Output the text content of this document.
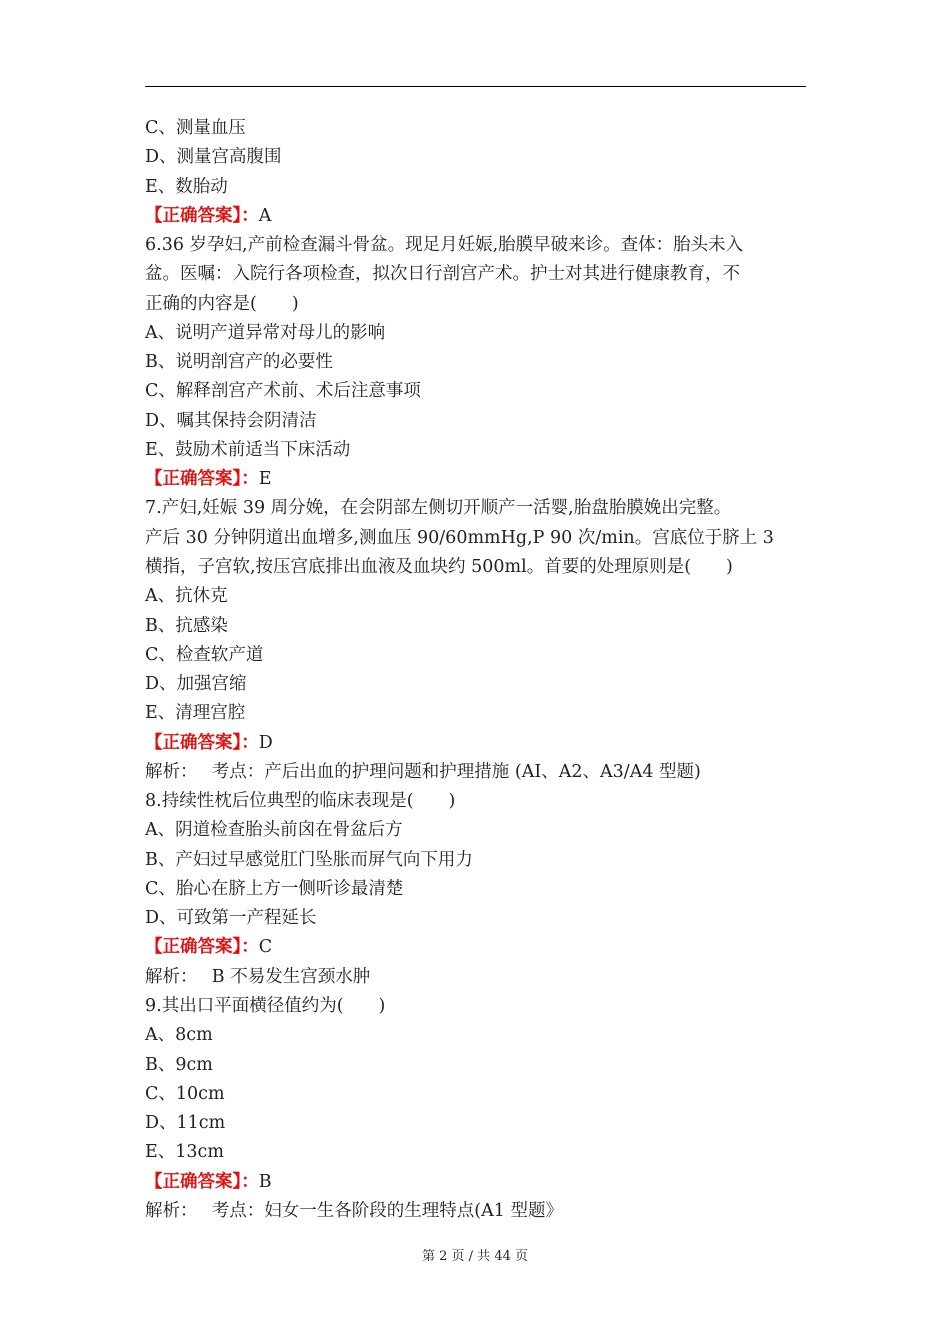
C、测量血压
D、测量宫高腹围
E、数胎动
【正确答案】：A
6.36 岁孕妇,产前检查漏斗骨盆。现足月妊娠,胎膜早破来诊。查体：胎头未入
盆。医嘱：入院行各项检查，拟次日行剖宫产术。护士对其进行健康教育，不
正确的内容是(　　)
A、说明产道异常对母儿的影响
B、说明剖宫产的必要性
C、解释剖宫产术前、术后注意事项
D、嘱其保持会阴清洁
E、鼓励术前适当下床活动
【正确答案】：E
7.产妇,妊娠 39 周分娩，在会阴部左侧切开顺产一活婴,胎盘胎膜娩出完整。
产后 30 分钟阴道出血增多,测血压 90/60mmHg,P 90 次/min。宫底位于脐上 3
横指，子宫软,按压宫底排出血液及血块约 500ml。首要的处理原则是(　　)
A、抗休克
B、抗感染
C、检查软产道
D、加强宫缩
E、清理宫腔
【正确答案】：D
解析：　 考点：产后出血的护理问题和护理措施 (AI、A2、A3/A4 型题)
8.持续性枕后位典型的临床表现是(　　)
A、阴道检查胎头前囟在骨盆后方
B、产妇过早感觉肛门坠胀而屏气向下用力
C、胎心在脐上方一侧听诊最清楚
D、可致第一产程延长
【正确答案】：C
解析：　 B 不易发生宫颈水肿
9.其出口平面横径值约为(　　)
A、8cm
B、9cm
C、10cm
D、11cm
E、13cm
【正确答案】：B
解析：　 考点：妇女一生各阶段的生理特点(A1 型题》
第 2 页 / 共 44 页
